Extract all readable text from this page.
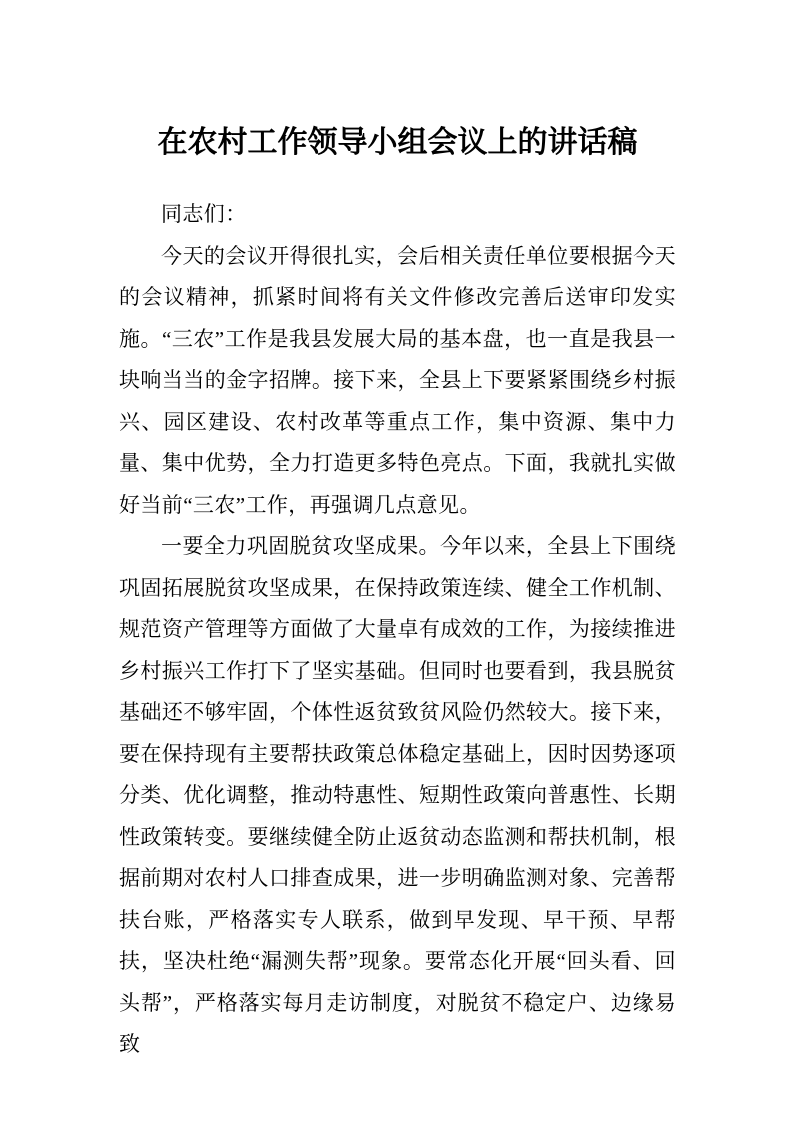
在农村工作领导小组会议上的讲话稿

同志们：

今天的会议开得很扎实，会后相关责任单位要根据今天的会议精神，抓紧时间将有关文件修改完善后送审印发实施。“三农”工作是我县发展大局的基本盘，也一直是我县一块响当当的金字招牌。接下来，全县上下要紧紧围绕乡村振兴、园区建设、农村改革等重点工作，集中资源、集中力量、集中优势，全力打造更多特色亮点。下面，我就扎实做好当前“三农”工作，再强调几点意见。

一要全力巩固脱贫攻坚成果。今年以来，全县上下围绕巩固拓展脱贫攻坚成果，在保持政策连续、健全工作机制、规范资产管理等方面做了大量卓有成效的工作，为接续推进乡村振兴工作打下了坚实基础。但同时也要看到，我县脱贫基础还不够牢固，个体性返贫致贫风险仍然较大。接下来，要在保持现有主要帮扶政策总体稳定基础上，因时因势逐项分类、优化调整，推动特惠性、短期性政策向普惠性、长期性政策转变。要继续健全防止返贫动态监测和帮扶机制，根据前期对农村人口排查成果，进一步明确监测对象、完善帮扶台账，严格落实专人联系，做到早发现、早干预、早帮扶，坚决杜绝“漏测失帮”现象。要常态化开展“回头看、回头帮”，严格落实每月走访制度，对脱贫不稳定户、边缘易致
